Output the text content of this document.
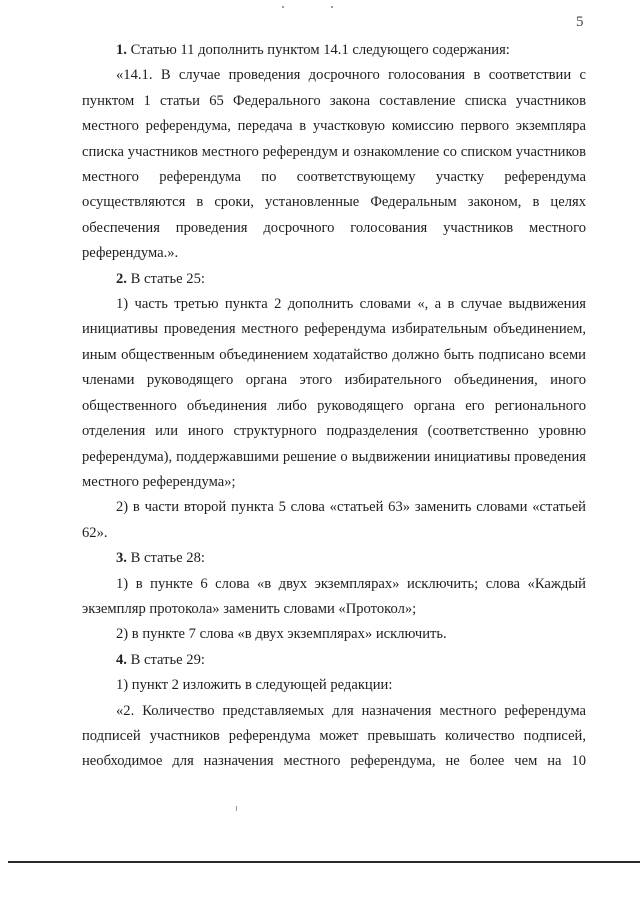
5

1. Статью 11 дополнить пунктом 14.1 следующего содержания:

«14.1. В случае проведения досрочного голосования в соответствии с пунктом 1 статьи 65 Федерального закона составление списка участников местного референдума, передача в участковую комиссию первого экземпляра списка участников местного референдум и ознакомление со списком участников местного референдума по соответствующему участку референдума осуществляются в сроки, установленные Федеральным законом, в целях обеспечения проведения досрочного голосования участников местного референдума.».

2. В статье 25:

1) часть третью пункта 2 дополнить словами «, а в случае выдвижения инициативы проведения местного референдума избирательным объединением, иным общественным объединением ходатайство должно быть подписано всеми членами руководящего органа этого избирательного объединения, иного общественного объединения либо руководящего органа его регионального отделения или иного структурного подразделения (соответственно уровню референдума), поддержавшими решение о выдвижении инициативы проведения местного референдума»;

2) в части второй пункта 5 слова «статьей 63» заменить словами «статьей 62».

3. В статье 28:

1) в пункте 6 слова «в двух экземплярах» исключить; слова «Каждый экземпляр протокола» заменить словами «Протокол»;

2) в пункте 7 слова «в двух экземплярах» исключить.

4. В статье 29:

1) пункт 2 изложить в следующей редакции:

«2. Количество представляемых для назначения местного референдума подписей участников референдума может превышать количество подписей, необходимое для назначения местного референдума, не более чем на 10
